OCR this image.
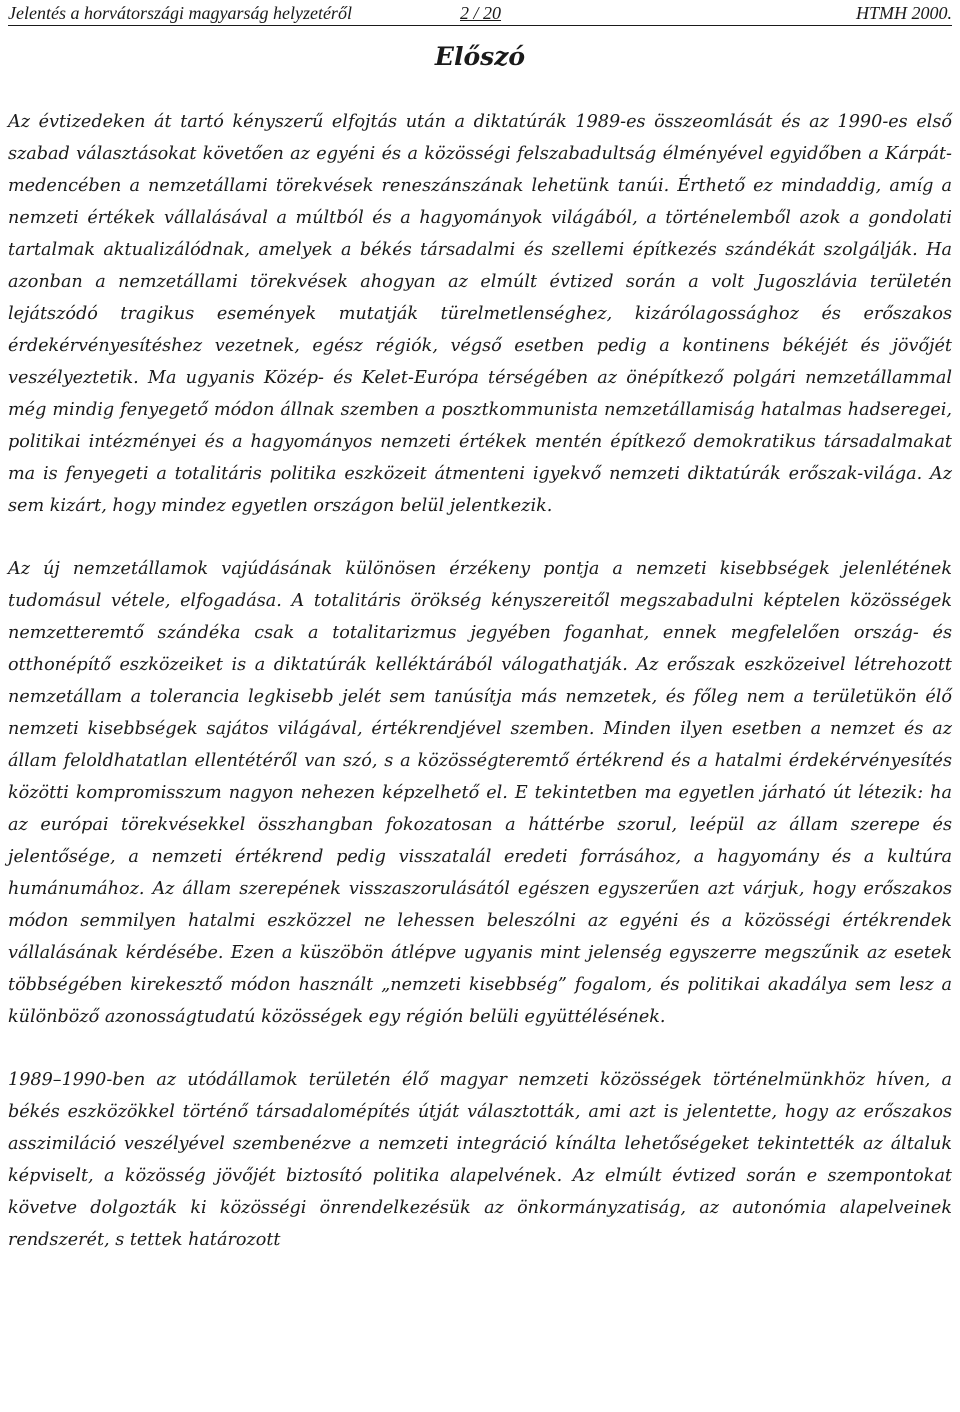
Jelentés a horvátországi magyarság helyzetéről	2 / 20	HTMH 2000.
Előszó

Az évtizedeken át tartó kényszerű elfojtás után a diktatúrák 1989-es összeomlását és az 1990-es első szabad választásokat követően az egyéni és a közösségi felszabadultság élményével egyidőben a Kárpát-medencében a nemzetállami törekvések reneszánszának lehetünk tanúi. Érthető ez mindaddig, amíg a nemzeti értékek vállalásával a múltból és a hagyományok világából, a történelemből azok a gondolati tartalmak aktualizálódnak, amelyek a békés társadalmi és szellemi építkezés szándékát szolgálják. Ha azonban a nemzetállami törekvések ahogyan az elmúlt évtized során a volt Jugoszlávia területén lejátszódó tragikus események mutatják türelmetlenséghez, kizárólagossághoz és erőszakos érdekérvényesítéshez vezetnek, egész régiók, végső esetben pedig a kontinens békéjét és jövőjét veszélyeztetik. Ma ugyanis Közép- és Kelet-Európa térségében az önépítkező polgári nemzetállammal még mindig fenyegető módon állnak szemben a posztkommunista nemzetállamiság hatalmas hadseregei, politikai intézményei és a hagyományos nemzeti értékek mentén építkező demokratikus társadalmakat ma is fenyegeti a totalitáris politika eszközeit átmenteni igyekvő nemzeti diktatúrák erőszak-világa. Az sem kizárt, hogy mindez egyetlen országon belül jelentkezik.

Az új nemzetállamok vajúdásának különösen érzékeny pontja a nemzeti kisebbségek jelenlétének tudomásul vétele, elfogadása. A totalitáris örökség kényszereitől megszabadulni képtelen közösségek nemzetteremtő szándéka csak a totalitarizmus jegyében foganhat, ennek megfelelően ország- és otthonépítő eszközeiket is a diktatúrák kelléktárából válogathatják. Az erőszak eszközeivel létrehozott nemzetállam a tolerancia legkisebb jelét sem tanúsítja más nemzetek, és főleg nem a területükön élő nemzeti kisebbségek sajátos világával, értékrendjével szemben. Minden ilyen esetben a nemzet és az állam feloldhatatlan ellentétéről van szó, s a közösségteremtő értékrend és a hatalmi érdekérvényesítés közötti kompromisszum nagyon nehezen képzelhető el. E tekintetben ma egyetlen járható út létezik: ha az európai törekvésekkel összhangban fokozatosan a háttérbe szorul, leépül az állam szerepe és jelentősége, a nemzeti értékrend pedig visszatalál eredeti forrásához, a hagyomány és a kultúra humánumához. Az állam szerepének visszaszorulásától egészen egyszerűen azt várjuk, hogy erőszakos módon semmilyen hatalmi eszközzel ne lehessen beleszólni az egyéni és a közösségi értékrendek vállalásának kérdésébe. Ezen a küszöbön átlépve ugyanis mint jelenség egyszerre megszűnik az esetek többségében kirekesztő módon használt „nemzeti kisebbség” fogalom, és politikai akadálya sem lesz a különböző azonosságtudatú közösségek egy régión belüli együttélésének.

1989–1990-ben az utódállamok területén élő magyar nemzeti közösségek történelmünkhöz híven, a békés eszközökkel történő társadalomépítés útját választották, ami azt is jelentette, hogy az erőszakos asszimiláció veszélyével szembenézve a nemzeti integráció kínálta lehetőségeket tekintették az általuk képviselt, a közösség jövőjét biztosító politika alapelvének. Az elmúlt évtized során e szempontokat követve dolgozták ki közösségi önrendelkezésük az önkormányzatiság, az autonómia alapelveinek rendszerét, s tettek határozott
